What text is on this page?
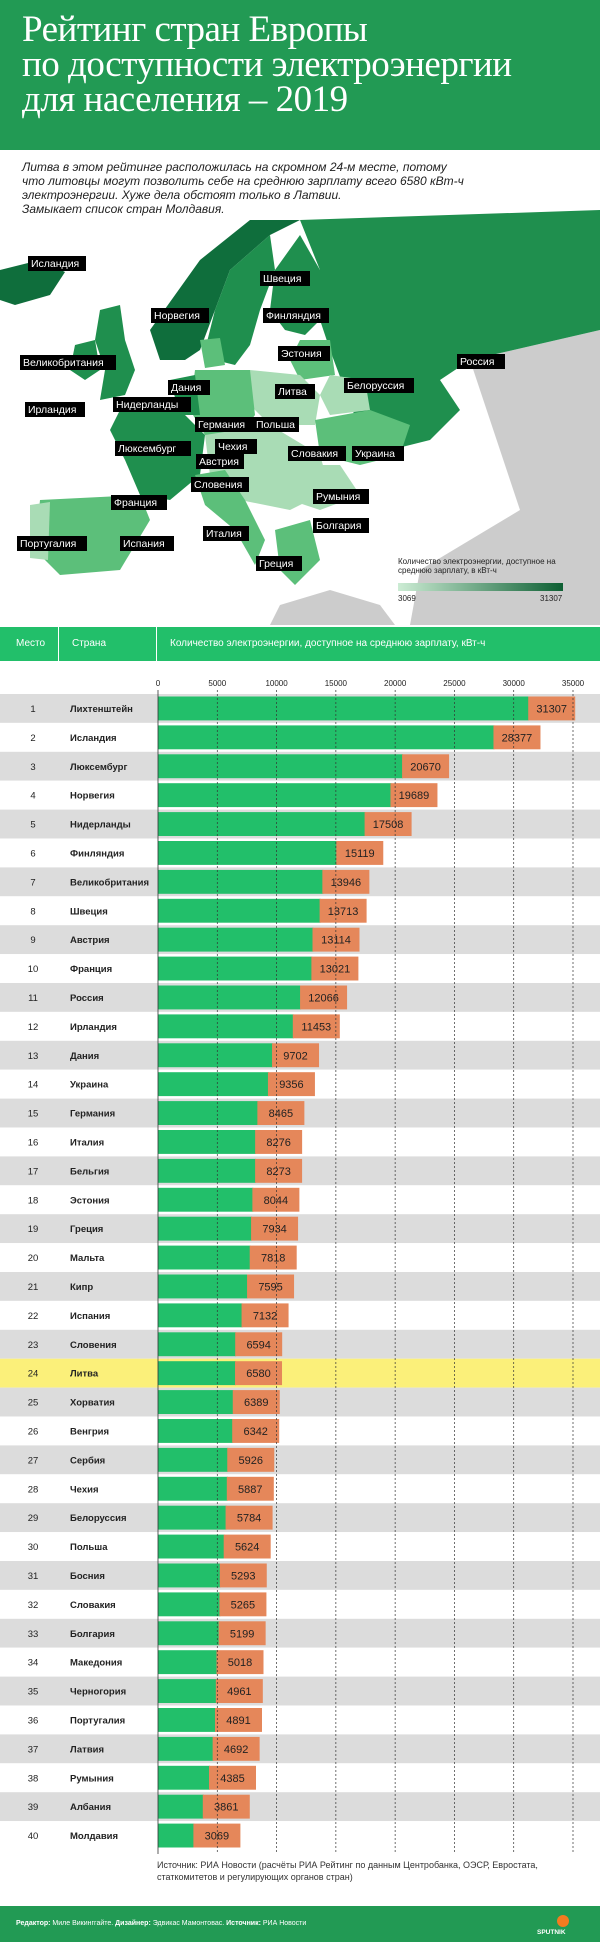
Рейтинг стран Европы
по доступности электроэнергии
для населения – 2019
Литва в этом рейтинге расположилась на скромном 24-м месте, потому
что литовцы могут позволить себе на среднюю зарплату всего 6580 кВт-ч
электроэнергии. Хуже дела обстоят только в Латвии.
Замыкает список стран Молдавия.
Исландия
Норвегия
Швеция
Финляндия
Эстония
Россия
Великобритания
Ирландия
Дания
Нидерланды
Литва	Белоруссия
Германия Польша
Люксембург	Чехия
Австрия
Словакия Украина
Франция
Словения
Румыния
Болгария
Италия
Португалия	Испания
Греция	Количество электроэнергии, доступное на среднюю зарплату, в кВт-ч
3069	31307
Место	Страна	Количество электроэнергии, доступное на среднюю зарплату, кВт-ч
0	5000	10000	15000	20000	25000	30000	35000
1	Лихтенштейн	31307
2	Исландия	28377
3	Люксембург	20670
4	Норвегия	19689
5	Нидерланды	17508
6	Финляндия	15119
7	Великобритания	13946
8	Швеция	13713
9	Австрия	13114
10	Франция	13021
11	Россия	12066
12	Ирландия	11453
13	Дания	9702
14	Украина	9356
15	Германия	8465
16	Италия	8276
17	Бельгия	8273
18	Эстония	8044
19	Греция	7934
20	Мальта	7818
21	Кипр	7595
22	Испания	7132
23	Словения	6594
24	Литва	6580
25	Хорватия	6389
26	Венгрия	6342
27	Сербия	5926
28	Чехия	5887
29	Белоруссия	5784
30	Польша	5624
31	Босния	5293
32	Словакия	5265
33	Болгария	5199
34	Македония	5018
35	Черногория	4961
36	Португалия	4891
37	Латвия	4692
38	Румыния	4385
39	Албания	3861
40	Молдавия	3069
Источник: РИА Новости (расчёты РИА Рейтинг по данным Центробанка, ОЭСР, Евростата, статкомитетов и регулирующих органов стран)
Редактор: Миле Викинггайте. Дизайнер: Эдвикас Мамонтовас. Источник: РИА Новости
SPUTNIK
